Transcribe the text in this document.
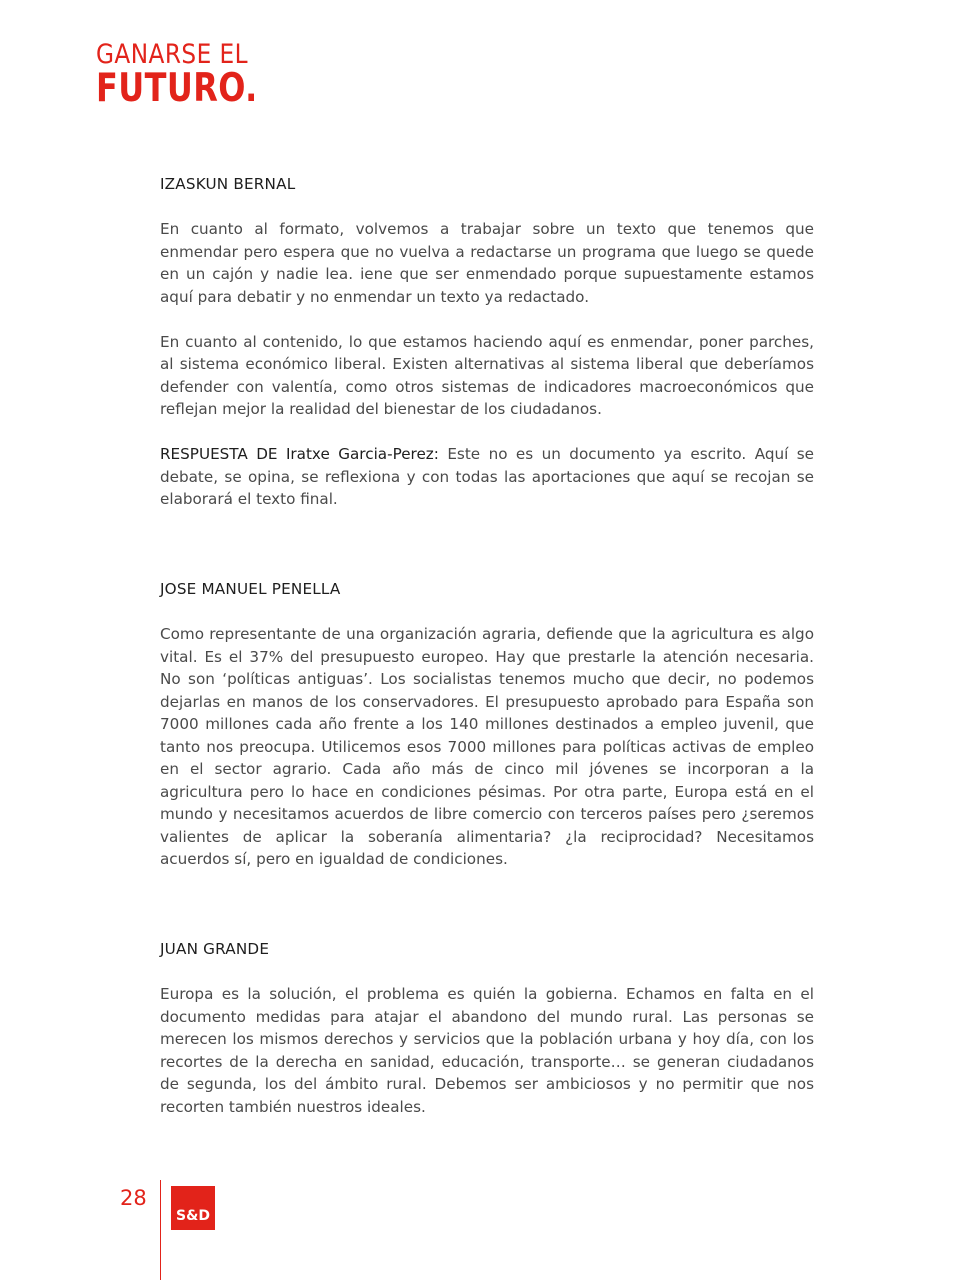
GANARSE EL
FUTURO.
IZASKUN BERNAL

En cuanto al formato, volvemos a trabajar sobre un texto que tenemos que enmendar pero espera que no vuelva a redactarse un programa que luego se quede en un cajón y nadie lea. iene que ser enmendado porque supuestamente estamos aquí para debatir y no enmendar un texto ya redactado.

En cuanto al contenido, lo que estamos haciendo aquí es enmendar, poner parches, al sistema económico liberal. Existen alternativas al sistema liberal que deberíamos defender con valentía, como otros sistemas de indicadores macroeconómicos que reflejan mejor la realidad del bienestar de los ciudadanos.

RESPUESTA DE Iratxe Garcia-Perez: Este no es un documento ya escrito. Aquí se debate, se opina, se reflexiona y con todas las aportaciones que aquí se recojan se elaborará el texto final.

JOSE MANUEL PENELLA

Como representante de una organización agraria, defiende que la agricultura es algo vital. Es el 37% del presupuesto europeo. Hay que prestarle la atención necesaria. No son ‘políticas antiguas’. Los socialistas tenemos mucho que decir, no podemos dejarlas en manos de los conservadores. El presupuesto aprobado para España son 7000 millones cada año frente a los 140 millones destinados a empleo juvenil, que tanto nos preocupa. Utilicemos esos 7000 millones para políticas activas de empleo en el sector agrario. Cada año más de cinco mil jóvenes se incorporan a la agricultura pero lo hace en condiciones pésimas. Por otra parte, Europa está en el mundo y necesitamos acuerdos de libre comercio con terceros países pero ¿seremos valientes de aplicar la soberanía alimentaria? ¿la reciprocidad? Necesitamos acuerdos sí, pero en igualdad de condiciones.

JUAN GRANDE

Europa es la solución, el problema es quién la gobierna. Echamos en falta en el documento medidas para atajar el abandono del mundo rural. Las personas se merecen los mismos derechos y servicios que la población urbana y hoy día, con los recortes de la derecha en sanidad, educación, transporte… se generan ciudadanos de segunda, los del ámbito rural. Debemos ser ambiciosos y no permitir que nos recorten también nuestros ideales.

28
S&D
